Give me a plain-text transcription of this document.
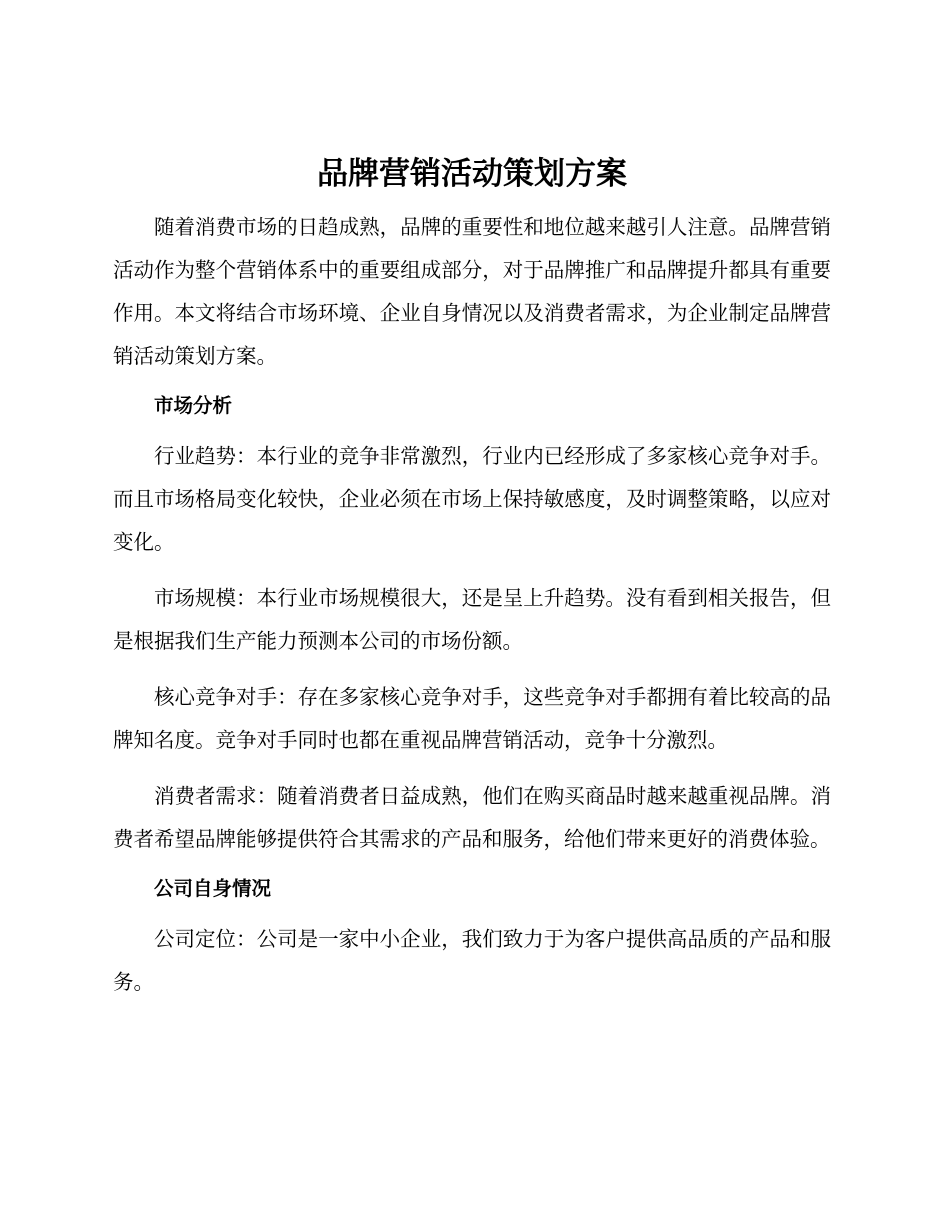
品牌营销活动策划方案

随着消费市场的日趋成熟，品牌的重要性和地位越来越引人注意。品牌营销活动作为整个营销体系中的重要组成部分，对于品牌推广和品牌提升都具有重要作用。本文将结合市场环境、企业自身情况以及消费者需求，为企业制定品牌营销活动策划方案。

市场分析

行业趋势：本行业的竞争非常激烈，行业内已经形成了多家核心竞争对手。而且市场格局变化较快，企业必须在市场上保持敏感度，及时调整策略，以应对变化。

市场规模：本行业市场规模很大，还是呈上升趋势。没有看到相关报告，但是根据我们生产能力预测本公司的市场份额。

核心竞争对手：存在多家核心竞争对手，这些竞争对手都拥有着比较高的品牌知名度。竞争对手同时也都在重视品牌营销活动，竞争十分激烈。

消费者需求：随着消费者日益成熟，他们在购买商品时越来越重视品牌。消费者希望品牌能够提供符合其需求的产品和服务，给他们带来更好的消费体验。

公司自身情况

公司定位：公司是一家中小企业，我们致力于为客户提供高品质的产品和服务。
